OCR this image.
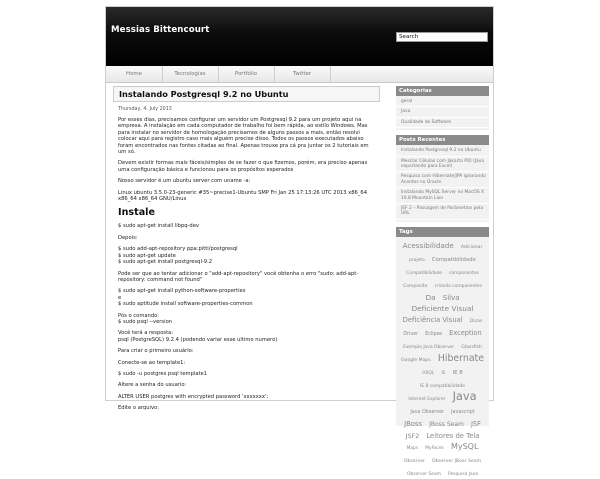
Messias Bittencourt
Search
Home	Tecnologias	Portfólio	Twitter
Instalando Postgresql 9.2 no Ubuntu
Thursday, 4. July 2013

Por esses dias, precisamos configurar um servidor um Postgresql 9.2 para um projeto aqui na empresa. A instalação em cada computador de trabalho foi bem rápida, ao estilo Windows. Mas para instalar no servidor de homologação precisamos de alguns passos a mais, então resolvi colocar aqui para registro caso mais alguém precise disso. Todos os passos executados abaixo foram encontrados nas fontes citadas ao final. Apenas trouxe pra cá pra juntar os 2 tutoriais em um só.

Devem existir formas mais fáceis/simples de se fazer o que fizemos, porém, era preciso apenas uma configuração básica e funcionou para os propósitos esperados

Nosso servidor é um ubuntu server com uname -a:

Linux ubuntu 3.5.0-23-generic #35~precise1-Ubuntu SMP Fri Jan 25 17:13:26 UTC 2013 x86_64 x86_64 x86_64 GNU/Linux

Instale

$ sudo apt-get install libpq-dev

Depois:

$ sudo add-apt-repository ppa:pitti/postgresql
$ sudo apt-get update
$ sudo apt-get install postgresql-9.2

Pode ser que ao tentar adicionar o "add-apt-repository" você obtenha o erro "sudo: add-apt-repository: command not found"

$ sudo apt-get install python-software-properties
e
$ sudo aptitude install software-properties-common

Pós o comando:
$ sudo psql --version

Você terá a resposta:
psql (PostgreSQL) 9.2.4 (podendo variar esse ultimo numero)

Para criar o primeiro usuário:

Conecte-se ao template1:

$ sudo -u postgres psql template1

Altere a senha do usuario:

ALTER USER postgres with encrypted password 'xxxxxxx';

Edite o arquivo:

Categorias
geral
Java
Qualidade de Software
Posts Recentes
Instalando Postgresql 9.2 no Ubuntu
Mesclar Células com Jakarta POI (Java exportando para Excel)
Pesquisa com Hibernate/JPA ignorando Acentos no Oracle
Instalando MySQL Server no MacOS X 10.8 Mountain Lion
JSF 2 – Passagem de Parâmetros pela URL
Tags
Acessibilidade Adicionar projeto Compatibilidade Compatibilidade componentes Composite criando componentes Da Silva Deficiente Visual Deficiência Visual Dicas Driver Eclipse Exception Exemplo Java Observer Glassfish Google Maps Hibernate HSQL IE IE 8 IE 8 compatibilidade Internet Explorer Java Java Observer Javascript JBoss JBoss Seam JSF JSF2 Leitores de Tela Maps MyFaces MySQL Observer Observer JBoss Seam Observer Seam Pesquisa Java
